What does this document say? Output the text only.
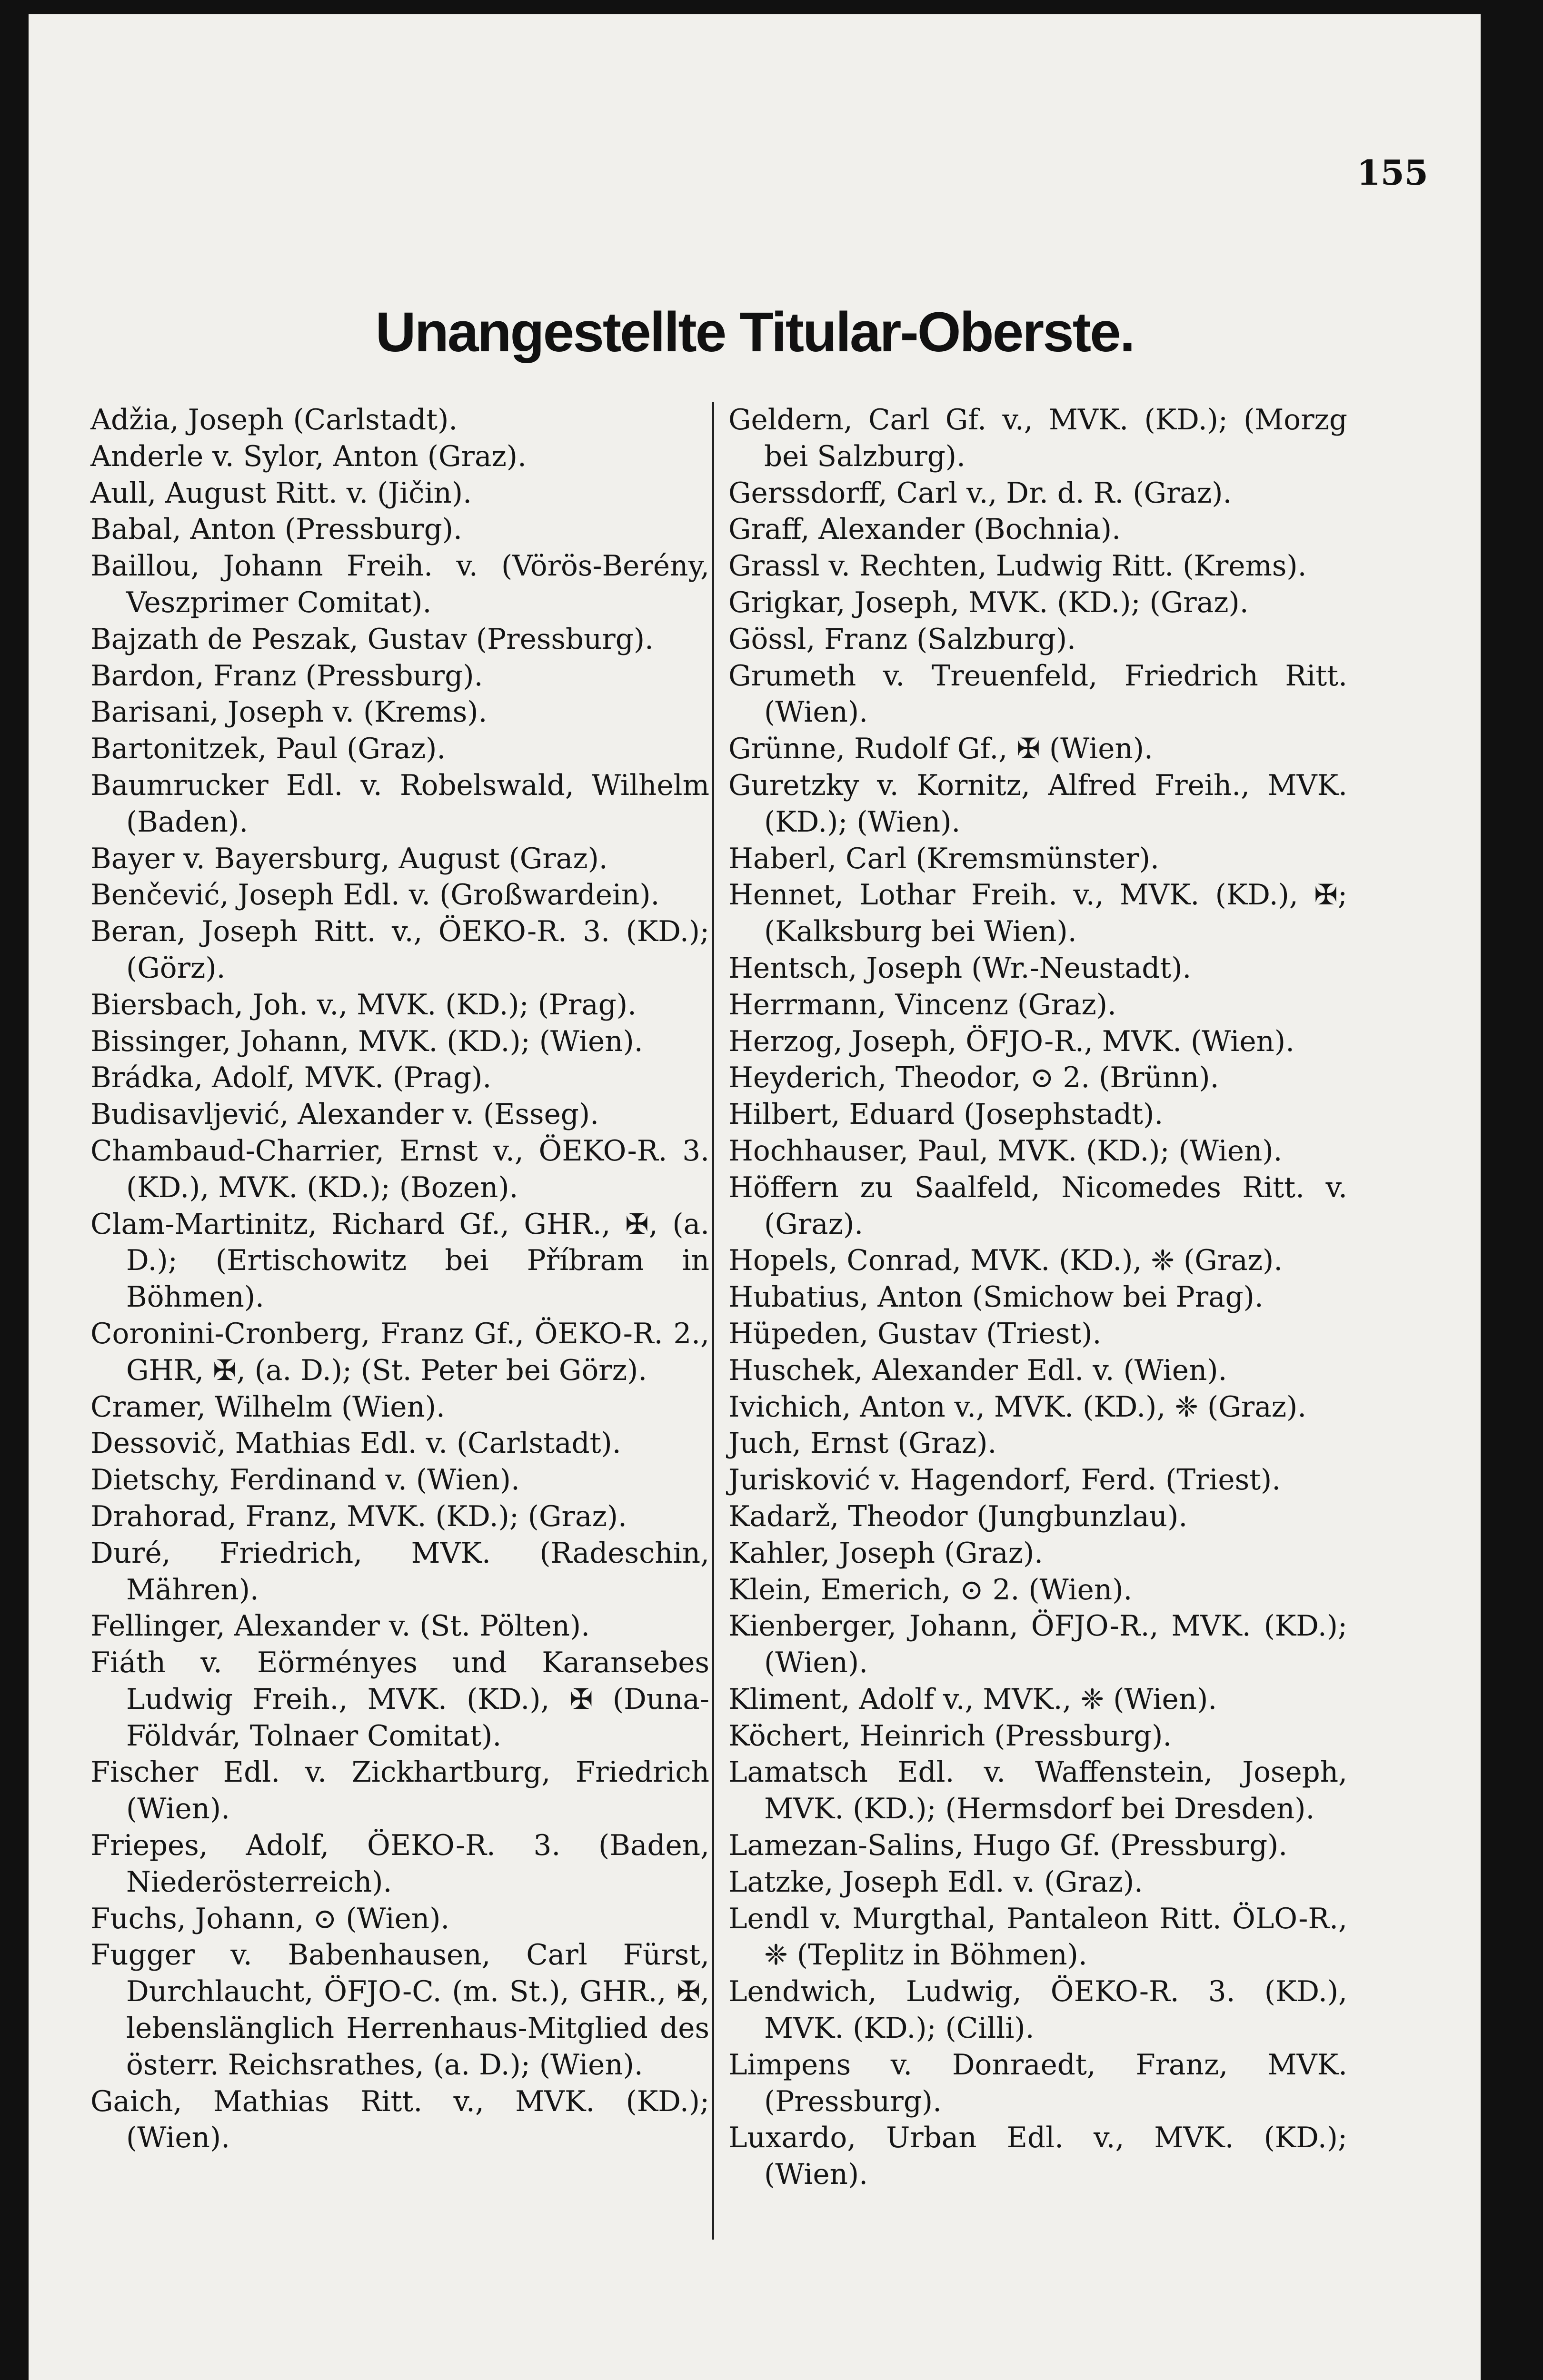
155
Unangestellte Titular-Oberste.

Adžia, Joseph (Carlstadt).

Anderle v. Sylor, Anton (Graz).

Aull, August Ritt. v. (Jičin).

Babal, Anton (Pressburg).

Baillou, Johann Freih. v. (Vörös-Berény, Veszprimer Comitat).

Bajzath de Peszak, Gustav (Pressburg).

Bardon, Franz (Pressburg).

Barisani, Joseph v. (Krems).

Bartonitzek, Paul (Graz).

Baumrucker Edl. v. Robelswald, Wilhelm (Baden).

Bayer v. Bayersburg, August (Graz).

Benčević, Joseph Edl. v. (Großwardein).

Beran, Joseph Ritt. v., ÖEKO-R. 3. (KD.); (Görz).

Biersbach, Joh. v., MVK. (KD.); (Prag).

Bissinger, Johann, MVK. (KD.); (Wien).

Brádka, Adolf, MVK. (Prag).

Budisavljević, Alexander v. (Esseg).

Chambaud-Charrier, Ernst v., ÖEKO-R. 3. (KD.), MVK. (KD.); (Bozen).

Clam-Martinitz, Richard Gf., GHR., ✠, (a. D.); (Ertischowitz bei Příbram in Böhmen).

Coronini-Cronberg, Franz Gf., ÖEKO-R. 2., GHR, ✠, (a. D.); (St. Peter bei Görz).

Cramer, Wilhelm (Wien).

Dessovič, Mathias Edl. v. (Carlstadt).

Dietschy, Ferdinand v. (Wien).

Drahorad, Franz, MVK. (KD.); (Graz).

Duré, Friedrich, MVK. (Radeschin, Mähren).

Fellinger, Alexander v. (St. Pölten).

Fiáth v. Eörményes und Karansebes Ludwig Freih., MVK. (KD.), ✠ (Duna-Földvár, Tolnaer Comitat).

Fischer Edl. v. Zickhartburg, Friedrich (Wien).

Friepes, Adolf, ÖEKO-R. 3. (Baden, Niederösterreich).

Fuchs, Johann, ⊙ (Wien).

Fugger v. Babenhausen, Carl Fürst, Durchlaucht, ÖFJO-C. (m. St.), GHR., ✠, lebenslänglich Herrenhaus-Mitglied des österr. Reichsrathes, (a. D.); (Wien).

Gaich, Mathias Ritt. v., MVK. (KD.); (Wien).

Geldern, Carl Gf. v., MVK. (KD.); (Morzg bei Salzburg).

Gerssdorff, Carl v., Dr. d. R. (Graz).

Graff, Alexander (Bochnia).

Grassl v. Rechten, Ludwig Ritt. (Krems).

Grigkar, Joseph, MVK. (KD.); (Graz).

Gössl, Franz (Salzburg).

Grumeth v. Treuenfeld, Friedrich Ritt. (Wien).

Grünne, Rudolf Gf., ✠ (Wien).

Guretzky v. Kornitz, Alfred Freih., MVK. (KD.); (Wien).

Haberl, Carl (Kremsmünster).

Hennet, Lothar Freih. v., MVK. (KD.), ✠; (Kalksburg bei Wien).

Hentsch, Joseph (Wr.-Neustadt).

Herrmann, Vincenz (Graz).

Herzog, Joseph, ÖFJO-R., MVK. (Wien).

Heyderich, Theodor, ⊙ 2. (Brünn).

Hilbert, Eduard (Josephstadt).

Hochhauser, Paul, MVK. (KD.); (Wien).

Höffern zu Saalfeld, Nicomedes Ritt. v. (Graz).

Hopels, Conrad, MVK. (KD.), ❈ (Graz).

Hubatius, Anton (Smichow bei Prag).

Hüpeden, Gustav (Triest).

Huschek, Alexander Edl. v. (Wien).

Ivichich, Anton v., MVK. (KD.), ❈ (Graz).

Juch, Ernst (Graz).

Jurisković v. Hagendorf, Ferd. (Triest).

Kadarž, Theodor (Jungbunzlau).

Kahler, Joseph (Graz).

Klein, Emerich, ⊙ 2. (Wien).

Kienberger, Johann, ÖFJO-R., MVK. (KD.); (Wien).

Kliment, Adolf v., MVK., ❈ (Wien).

Köchert, Heinrich (Pressburg).

Lamatsch Edl. v. Waffenstein, Joseph, MVK. (KD.); (Hermsdorf bei Dresden).

Lamezan-Salins, Hugo Gf. (Pressburg).

Latzke, Joseph Edl. v. (Graz).

Lendl v. Murgthal, Pantaleon Ritt. ÖLO-R., ❈ (Teplitz in Böhmen).

Lendwich, Ludwig, ÖEKO-R. 3. (KD.), MVK. (KD.); (Cilli).

Limpens v. Donraedt, Franz, MVK. (Pressburg).

Luxardo, Urban Edl. v., MVK. (KD.); (Wien).
